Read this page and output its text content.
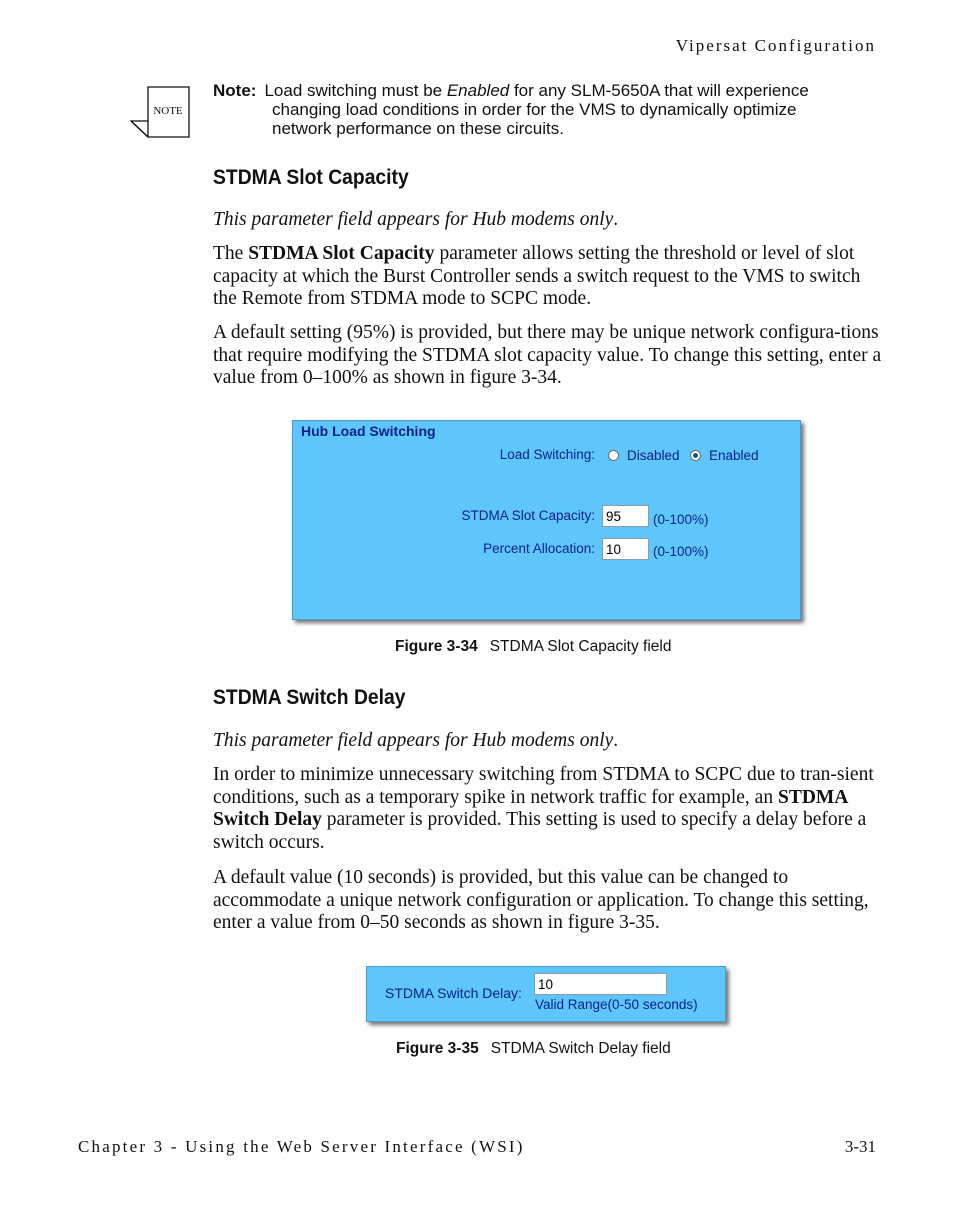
Vipersat Configuration
NOTE
Note: Load switching must be Enabled for any SLM-5650A that will experience
changing load conditions in order for the VMS to dynamically optimize
network performance on these circuits.
STDMA Slot Capacity

This parameter field appears for Hub modems only.

The STDMA Slot Capacity parameter allows setting the threshold or level of slot capacity at which the Burst Controller sends a switch request to the VMS to switch the Remote from STDMA mode to SCPC mode.

A default setting (95%) is provided, but there may be unique network configura-tions that require modifying the STDMA slot capacity value. To change this setting, enter a value from 0–100% as shown in figure 3-34.

Hub Load Switching
Load Switching: Disabled Enabled
STDMA Slot Capacity:
95	(0-100%)
Percent Allocation:
10	(0-100%)
Figure 3-34 STDMA Slot Capacity field
STDMA Switch Delay

This parameter field appears for Hub modems only.

In order to minimize unnecessary switching from STDMA to SCPC due to tran-sient conditions, such as a temporary spike in network traffic for example, an STDMA Switch Delay parameter is provided. This setting is used to specify a delay before a switch occurs.

A default value (10 seconds) is provided, but this value can be changed to accommodate a unique network configuration or application. To change this setting, enter a value from 0–50 seconds as shown in figure 3-35.

STDMA Switch Delay:
10
Valid Range(0-50 seconds)
Figure 3-35 STDMA Switch Delay field
Chapter 3 - Using the Web Server Interface (WSI)	3-31
